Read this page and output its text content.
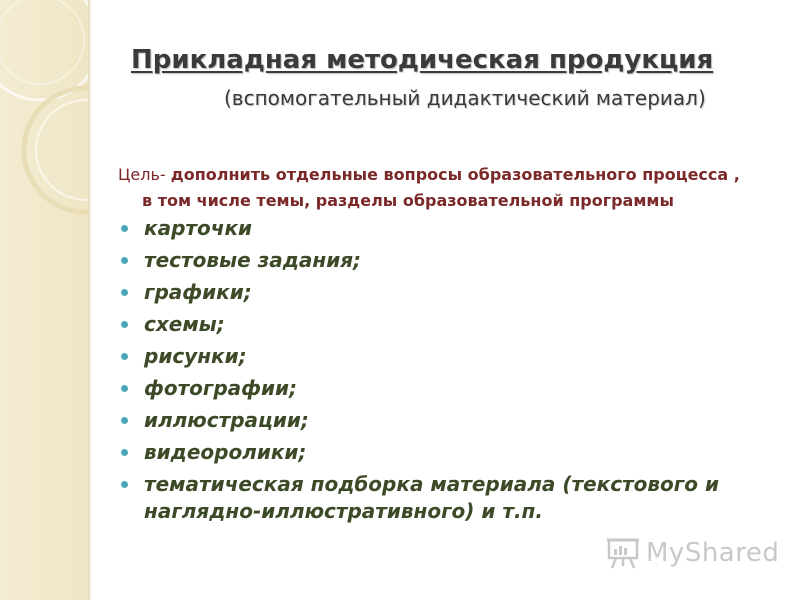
Прикладная методическая продукция

(вспомогательный дидактический материал)

Цель- дополнить отдельные вопросы образовательного процесса ,
в том числе темы, разделы образовательной программы

карточки
тестовые задания;
графики;
схемы;
рисунки;
фотографии;
иллюстрации;
видеоролики;
тематическая подборка материала (текстового и наглядно-иллюстративного) и т.п.
MyShared
